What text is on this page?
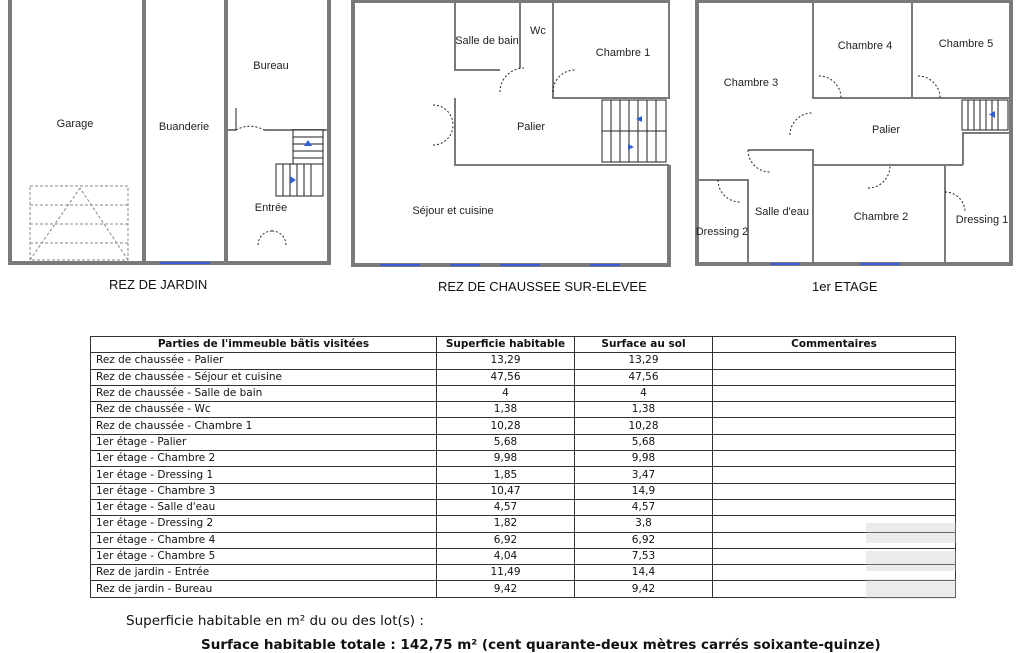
Garage	Buanderie
Bureau
Entrée
Salle de bain
Wc
Chambre 1
Palier
Séjour et cuisine
Chambre 3
Chambre 4	Chambre 5
Palier
Dressing 2
Salle d'eau	Chambre 2	Dressing 1
REZ DE JARDIN	REZ DE CHAUSSEE SUR-ELEVEE	1er ETAGE
Parties de l'immeuble bâtis visitées	Superficie habitable	Surface au sol	Commentaires
Rez de chaussée - Palier	13,29	13,29	
Rez de chaussée - Séjour et cuisine	47,56	47,56	
Rez de chaussée - Salle de bain	4	4	
Rez de chaussée - Wc	1,38	1,38	
Rez de chaussée - Chambre 1	10,28	10,28	
1er étage - Palier	5,68	5,68	
1er étage - Chambre 2	9,98	9,98	
1er étage - Dressing 1	1,85	3,47	
1er étage - Chambre 3	10,47	14,9	
1er étage - Salle d'eau	4,57	4,57	
1er étage - Dressing 2	1,82	3,8	
1er étage - Chambre 4	6,92	6,92	
1er étage - Chambre 5	4,04	7,53	
Rez de jardin - Entrée	11,49	14,4	
Rez de jardin - Bureau	9,42	9,42	
Superficie habitable en m² du ou des lot(s) :
Surface habitable totale : 142,75 m² (cent quarante-deux mètres carrés soixante-quinze)
